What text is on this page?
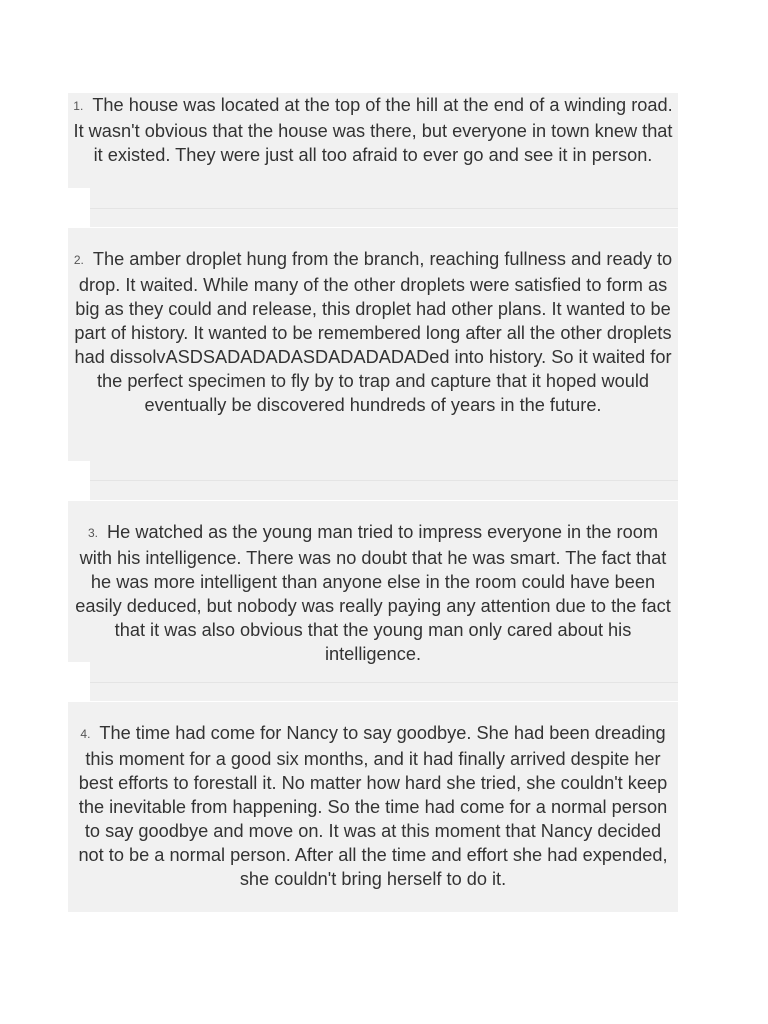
1. The house was located at the top of the hill at the end of a winding road. It wasn't obvious that the house was there, but everyone in town knew that it existed. They were just all too afraid to ever go and see it in person.
2. The amber droplet hung from the branch, reaching fullness and ready to drop. It waited. While many of the other droplets were satisfied to form as big as they could and release, this droplet had other plans. It wanted to be part of history. It wanted to be remembered long after all the other droplets had dissolvASDSADADADASDADADADADed into history. So it waited for the perfect specimen to fly by to trap and capture that it hoped would eventually be discovered hundreds of years in the future.
3. He watched as the young man tried to impress everyone in the room with his intelligence. There was no doubt that he was smart. The fact that he was more intelligent than anyone else in the room could have been easily deduced, but nobody was really paying any attention due to the fact that it was also obvious that the young man only cared about his intelligence.
4. The time had come for Nancy to say goodbye. She had been dreading this moment for a good six months, and it had finally arrived despite her best efforts to forestall it. No matter how hard she tried, she couldn't keep the inevitable from happening. So the time had come for a normal person to say goodbye and move on. It was at this moment that Nancy decided not to be a normal person. After all the time and effort she had expended, she couldn't bring herself to do it.
